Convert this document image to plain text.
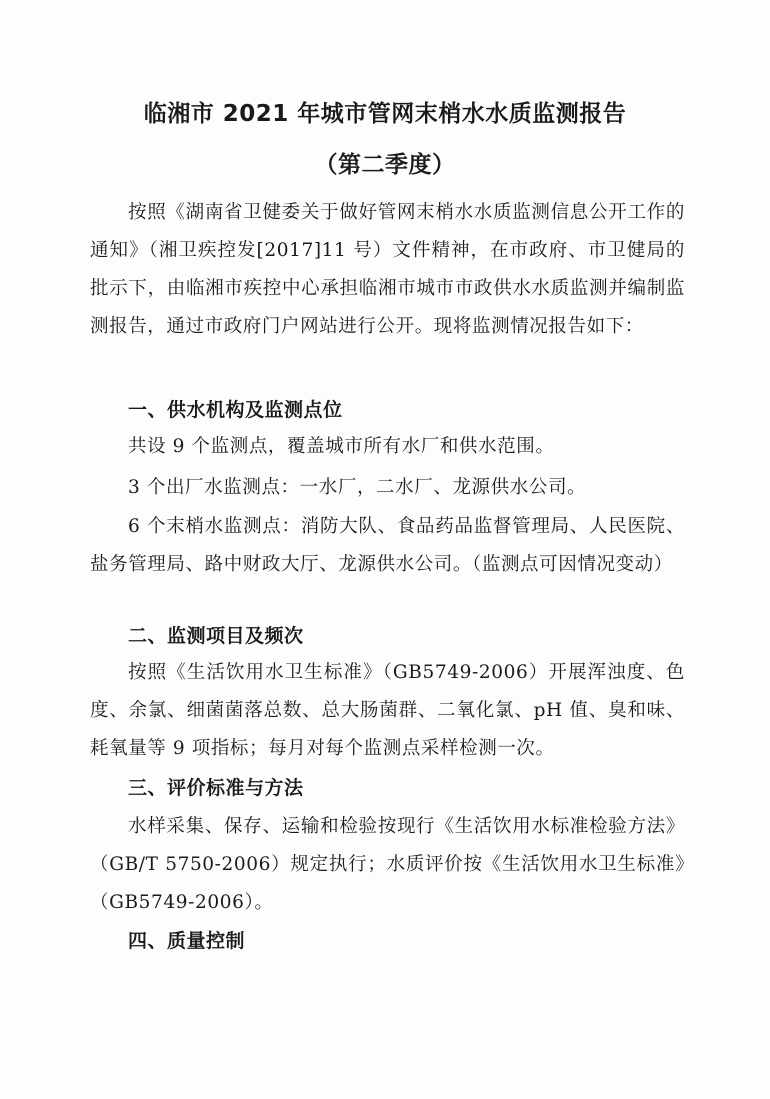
临湘市 2021 年城市管网末梢水水质监测报告
（第二季度）
按照《湖南省卫健委关于做好管网末梢水水质监测信息公开工作的通知》（湘卫疾控发[2017]11 号）文件精神，在市政府、市卫健局的批示下，由临湘市疾控中心承担临湘市城市市政供水水质监测并编制监测报告，通过市政府门户网站进行公开。现将监测情况报告如下：
一、供水机构及监测点位
共设 9 个监测点，覆盖城市所有水厂和供水范围。
3 个出厂水监测点：一水厂，二水厂、龙源供水公司。
6 个末梢水监测点：消防大队、食品药品监督管理局、人民医院、盐务管理局、路中财政大厅、龙源供水公司。（监测点可因情况变动）
二、监测项目及频次
按照《生活饮用水卫生标准》（GB5749-2006）开展浑浊度、色度、余氯、细菌菌落总数、总大肠菌群、二氧化氯、pH 值、臭和味、耗氧量等 9 项指标；每月对每个监测点采样检测一次。
三、评价标准与方法
水样采集、保存、运输和检验按现行《生活饮用水标准检验方法》（GB/T 5750-2006）规定执行；水质评价按《生活饮用水卫生标准》（GB5749-2006）。
四、质量控制
